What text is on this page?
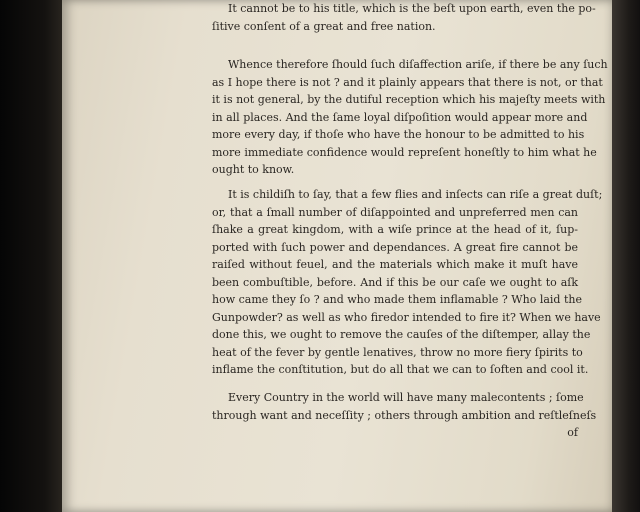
It cannot be to his title, which is the beſt upon earth, even the po-
ſitive conſent of a great and free nation.
Whence therefore ſhould ſuch diſaffection ariſe, if there be any ſuch
as I hope there is not ? and it plainly appears that there is not, or that
it is not general, by the dutiful reception which his majeſty meets with
in all places. And the ſame loyal diſpoſition would appear more and
more every day, if thoſe who have the honour to be admitted to his
more immediate confidence would repreſent honeſtly to him what he
ought to know.
It is childiſh to ſay, that a few flies and inſects can riſe a great duſt;
or, that a ſmall number of diſappointed and unpreferred men can
ſhake a great kingdom, with a wiſe prince at the head of it, ſup-
ported with ſuch power and dependances. A great fire cannot be
raiſed without feuel, and the materials which make it muſt have
been combuſtible, before. And if this be our caſe we ought to aſk
how came they ſo ? and who made them inflamable ? Who laid the
Gunpowder? as well as who firedor intended to fire it? When we have
done this, we ought to remove the cauſes of the diſtemper, allay the
heat of the fever by gentle lenatives, throw no more fiery ſpirits to
inflame the conſtitution, but do all that we can to ſoften and cool it.
Every Country in the world will have many malecontents ; ſome
through want and neceſſity ; others through ambition and reſtleſneſs
of
